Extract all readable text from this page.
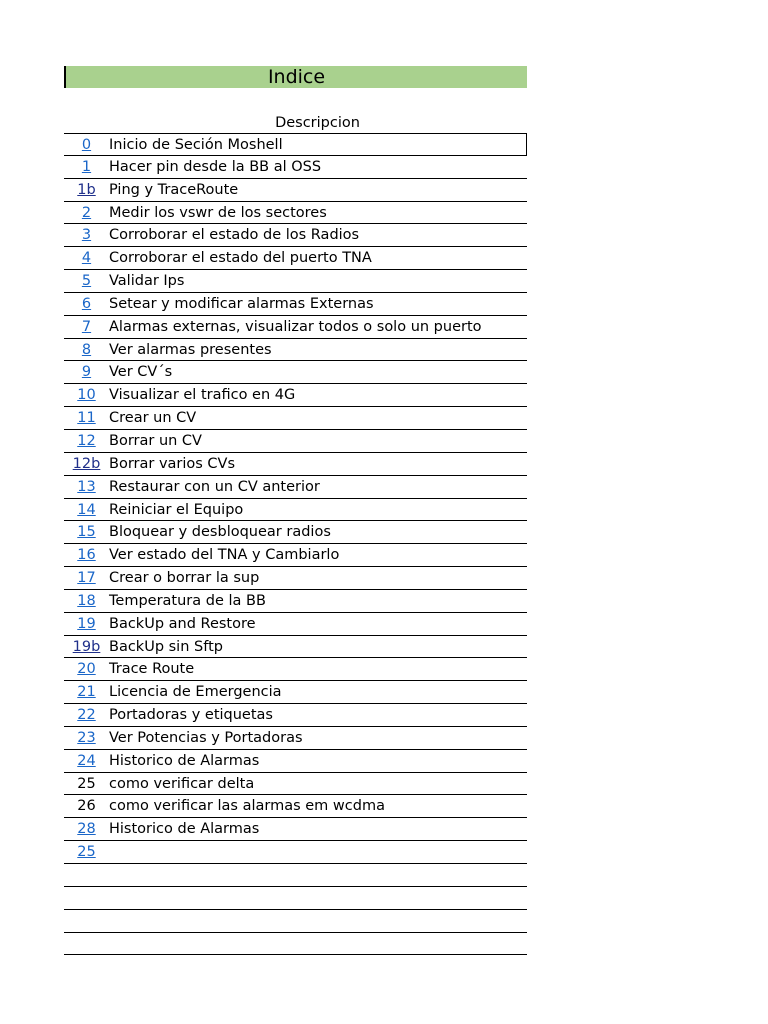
Indice
Descripcion
0	Inicio de Seción Moshell
1	Hacer pin desde la BB al OSS
1b Ping y TraceRoute
2	Medir los vswr de los sectores
3	Corroborar el estado de los Radios
4	Corroborar el estado del puerto TNA
5	Validar Ips
6	Setear y modificar alarmas Externas
7	Alarmas externas, visualizar todos o solo un puerto
8	Ver alarmas presentes
9	Ver CV´s
10 Visualizar el trafico en 4G
11 Crear un CV
12 Borrar un CV
12b Borrar varios CVs
13 Restaurar con un CV anterior
14 Reiniciar el Equipo
15 Bloquear y desbloquear radios
16 Ver estado del TNA y Cambiarlo
17 Crear o borrar la sup
18 Temperatura de la BB
19 BackUp and Restore
19b BackUp sin Sftp
20 Trace Route
21 Licencia de Emergencia
22 Portadoras y etiquetas
23 Ver Potencias y Portadoras
24 Historico de Alarmas
25 como verificar delta
26 como verificar las alarmas em wcdma
28 Historico de Alarmas
25
